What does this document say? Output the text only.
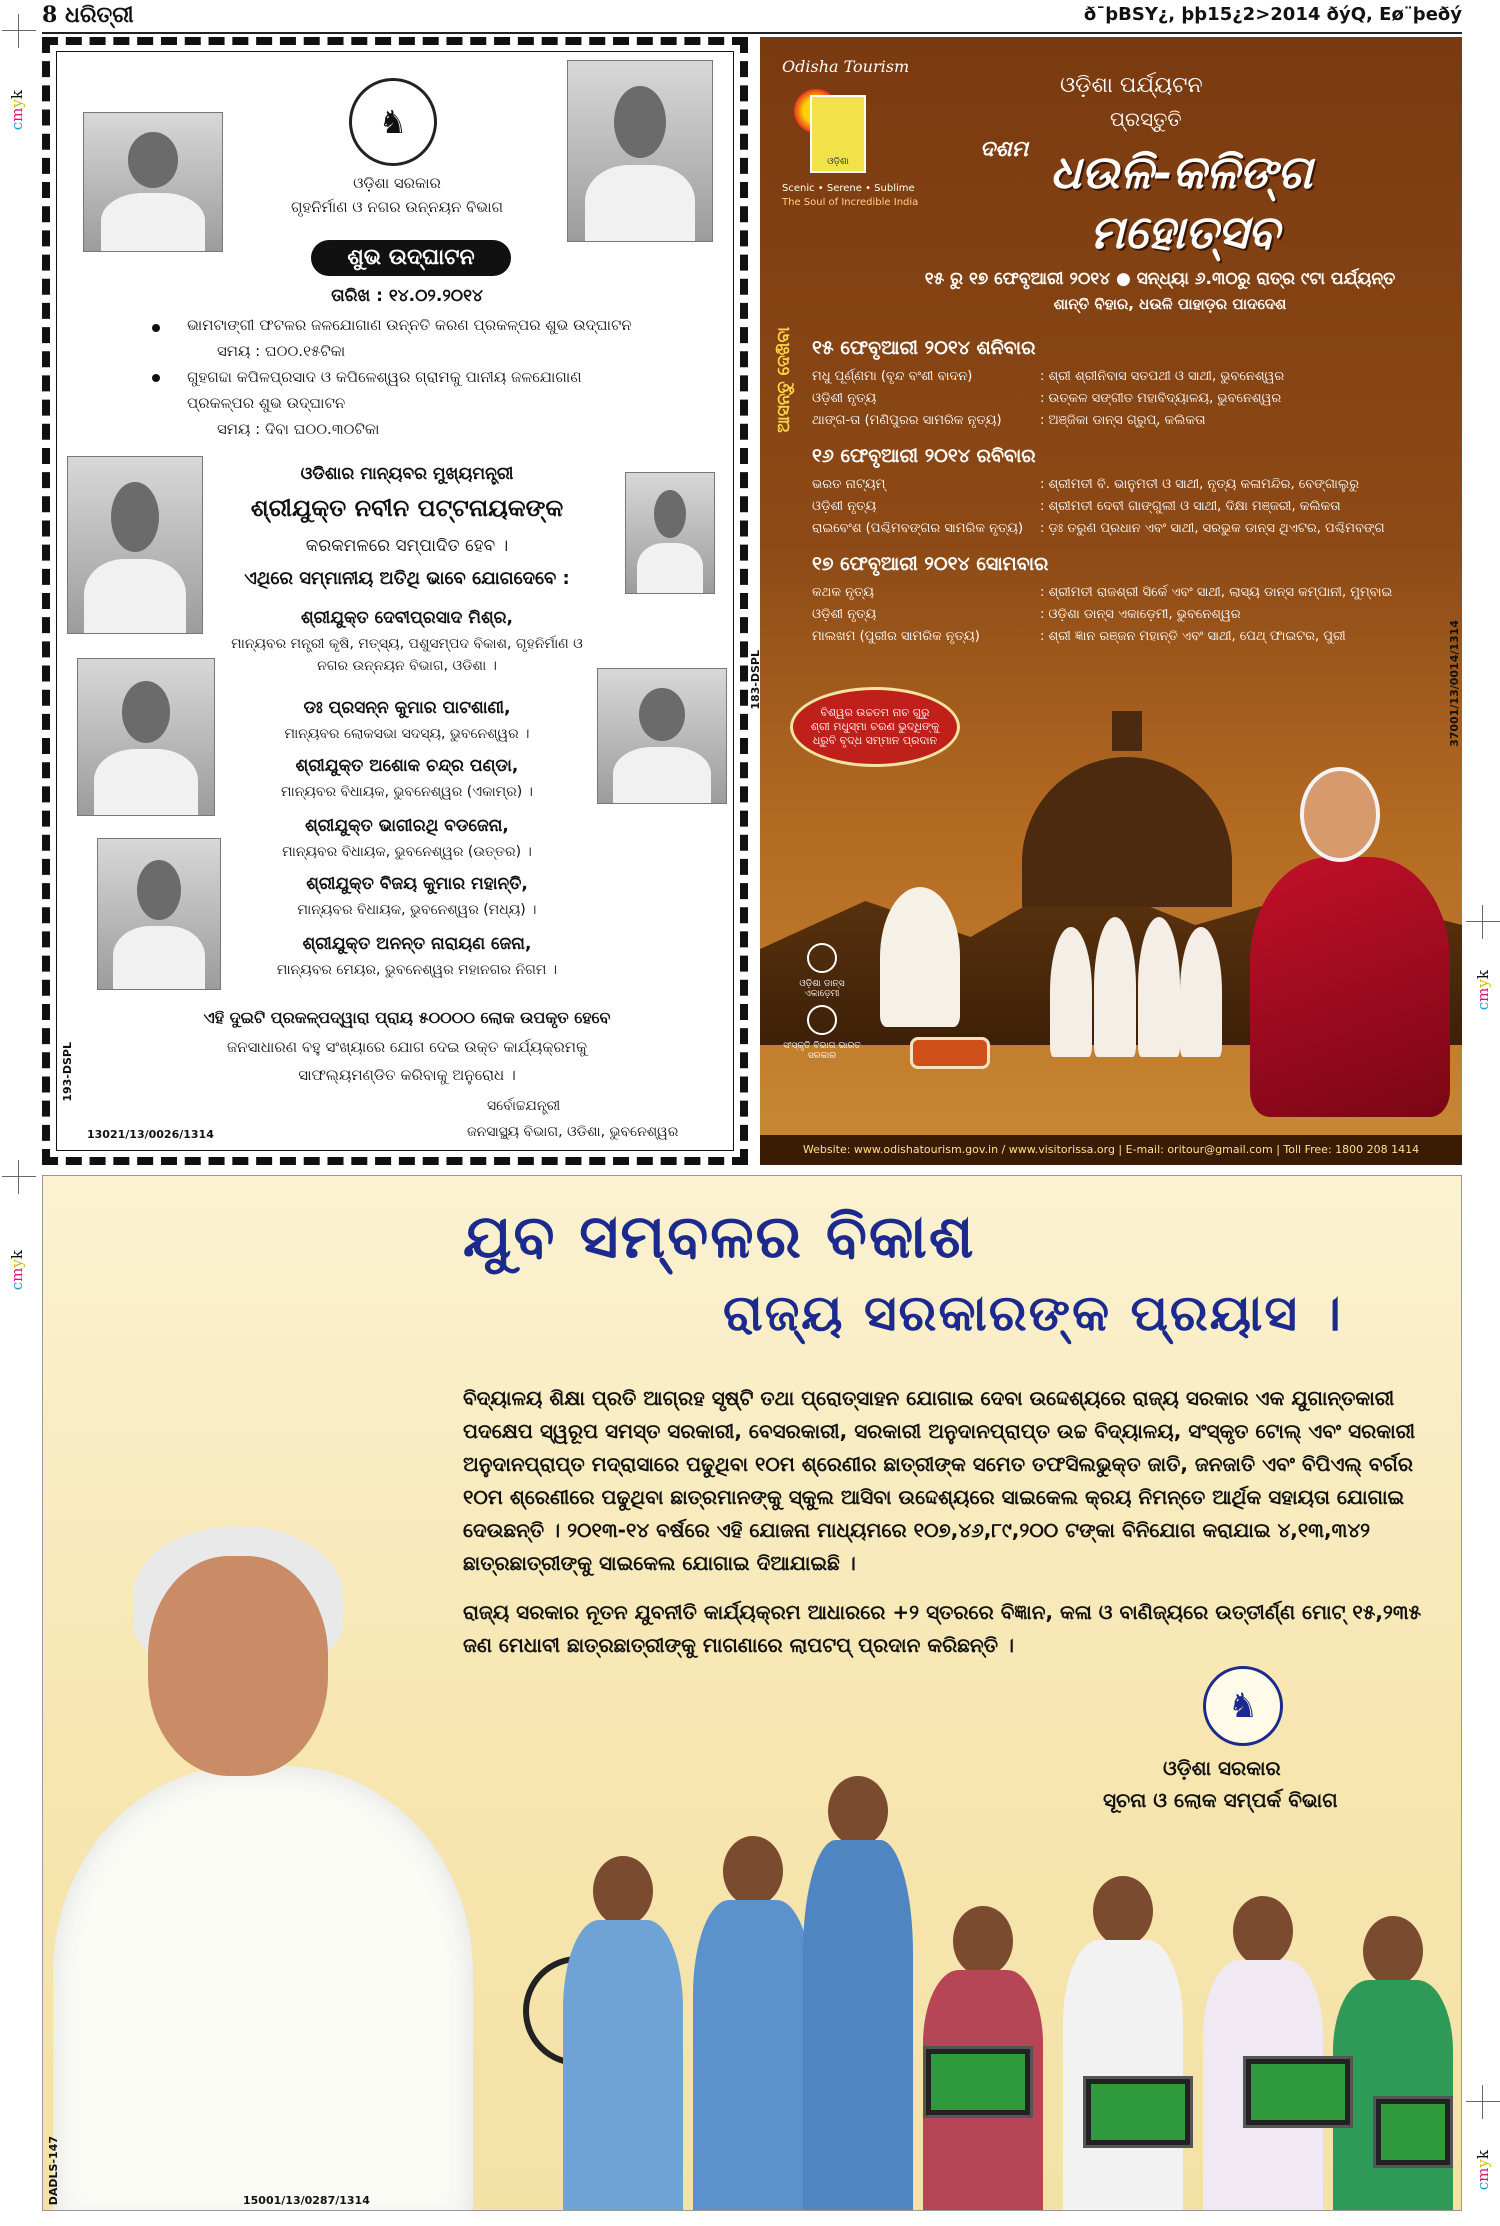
8 ଧରିତ୍ରୀ	ð¯þBSY¿, þþ15¿2>2014 ðýQ, Eø¨þeðý
cmyk
cmyk
cmyk
cmyk
♞
ଓଡ଼ିଶା ସରକାର
ଗୃହନିର୍ମାଣ ଓ ନଗର ଉନ୍ନୟନ ବିଭାଗ
ଶୁଭ ଉଦ୍‌ଘାଟନ
ତାରିଖ : ୧୪.୦୨.୨୦୧୪
ଭାମଟାଙ୍ଗୀ ଫଟଳର ଜଳଯୋଗାଣ ଉନ୍ନତି କରଣ ପ୍ରକଳ୍ପର ଶୁଭ ଉଦ୍‌ଘାଟନ
ସମୟ : ଘ୦୦.୧୫ଟିକା
ଗୁହଗଦ୍ଦା କପିଳପ୍ରସାଦ ଓ କପିଳେଶ୍ୱର ଗ୍ରାମକୁ ପାନୀୟ ଜଳଯୋଗାଣ
ପ୍ରକଳ୍ପର ଶୁଭ ଉଦ୍‌ଘାଟନ
ସମୟ : ଦିବା ଘ୦୦.୩୦ଟିକା
ଓଡିଶାର ମାନ୍ୟବର ମୁଖ୍ୟମନ୍ତ୍ରୀ
ଶ୍ରୀଯୁକ୍ତ ନବୀନ ପଟ୍ଟନାୟକଙ୍କ
କରକମଳରେ ସମ୍ପାଦିତ ହେବ ।
ଏଥିରେ ସମ୍ମାନୀୟ ଅତିଥି ଭାବେ ଯୋଗଦେବେ :
ଶ୍ରୀଯୁକ୍ତ ଦେବୀପ୍ରସାଦ ମିଶ୍ର,
ମାନ୍ୟବର ମନ୍ତ୍ରୀ କୃଷି, ମତ୍ସ୍ୟ, ପଶୁସମ୍ପଦ ବିକାଶ, ଗୃହନିର୍ମାଣ ଓ
ନଗର ଉନ୍ନୟନ ବିଭାଗ, ଓଡିଶା ।
ଡଃ ପ୍ରସନ୍ନ କୁମାର ପାଟଶାଣୀ,
ମାନ୍ୟବର ଲୋକସଭା ସଦସ୍ୟ, ଭୁବନେଶ୍ୱର ।
ଶ୍ରୀଯୁକ୍ତ ଅଶୋକ ଚନ୍ଦ୍ର ପଣ୍ଡା,
ମାନ୍ୟବର ବିଧାୟକ, ଭୁବନେଶ୍ୱର (ଏକାମ୍ର) ।
ଶ୍ରୀଯୁକ୍ତ ଭାଗୀରଥି ବଡଜେନା,
ମାନ୍ୟବର ବିଧାୟକ, ଭୁବନେଶ୍ୱର (ଉତ୍ତର) ।
ଶ୍ରୀଯୁକ୍ତ ବିଜୟ କୁମାର ମହାନ୍ତି,
ମାନ୍ୟବର ବିଧାୟକ, ଭୁବନେଶ୍ୱର (ମଧ୍ୟ) ।
ଶ୍ରୀଯୁକ୍ତ ଅନନ୍ତ ନାରାୟଣ ଜେନା,
ମାନ୍ୟବର ମେୟର, ଭୁବନେଶ୍ୱର ମହାନଗର ନିଗମ ।
ଏହି ଦୁଇଟି ପ୍ରକଳ୍ପଦ୍ୱାରା ପ୍ରାୟ ୫୦୦୦୦ ଲୋକ ଉପକୃତ ହେବେ
ଜନସାଧାରଣ ବହୁ ସଂଖ୍ୟାରେ ଯୋଗ ଦେଇ ଉକ୍ତ କାର୍ଯ୍ୟକ୍ରମକୁ
ସାଫଲ୍ୟମଣ୍ଡିତ କରିବାକୁ ଅନୁରୋଧ ।
ସର୍ବୋଚ୍ଚଯନ୍ତ୍ରୀ
ଜନସାସ୍ଥ୍ୟ ବିଭାଗ, ଓଡିଶା, ଭୁବନେଶ୍ୱର
13021/13/0026/1314
193-DSPL
Odisha Tourism
ଓଡ଼ିଶା
Scenic • Serene • Sublime
The Soul of Incredible India
ଓଡ଼ିଶା ପର୍ଯ୍ୟଟନ
ପ୍ରସ୍ତୁତି
ଦଶମ ଧଉଳି-କଳିଙ୍ଗ
ମହୋତ୍ସବ
୧୫ ରୁ ୧୭ ଫେବୃଆରୀ ୨୦୧୪ ● ସନ୍ଧ୍ୟା ୬.୩୦ରୁ ରାତ୍ର ୯ଟା ପର୍ଯ୍ୟନ୍ତ
ଶାନ୍ତି ବିହାର, ଧଉଳି ପାହାଡ଼ର ପାଦଦେଶ
ଆସନ୍ତୁ ଦେଖିବା ୧୫ ଫେବୃଆରୀ ୨୦୧୪ ଶନିବାର
ମଧୁ ପୂର୍ଣ୍ଣମା (ବୃନ୍ଦ ବଂଶୀ ବାଦନ)	: ଶ୍ରୀ ଶ୍ରୀନିବାସ ସତପଥୀ ଓ ସାଥୀ, ଭୁବନେଶ୍ୱର
ଓଡ଼ିଶୀ ନୃତ୍ୟ	: ଉତ୍କଳ ସଙ୍ଗୀତ ମହାବିଦ୍ୟାଳୟ, ଭୁବନେଶ୍ୱର
ଥାଙ୍ଗ-ତା (ମଣିପୁରର ସାମରିକ ନୃତ୍ୟ)	: ଅଞ୍ଜିକା ଡାନ୍ସ ଗ୍ରୁପ୍, କଲିକତା
୧୬ ଫେବୃଆରୀ ୨୦୧୪ ରବିବାର
ଭରତ ନାଟ୍ୟମ୍	: ଶ୍ରୀମତୀ ବି. ଭାନୁମତୀ ଓ ସାଥୀ, ନୃତ୍ୟ କଳାମନ୍ଦିର, ବେଙ୍ଗାଲୁରୁ
ଓଡ଼ିଶୀ ନୃତ୍ୟ	: ଶ୍ରୀମତୀ ଦେବୀ ଗାଙ୍ଗୁଲୀ ଓ ସାଥୀ, ଦିକ୍ଷା ମଞ୍ଜରୀ, କଲିକତା
ରାଇବେଂଶ (ପଶ୍ଚିମବଙ୍ଗର ସାମରିକ ନୃତ୍ୟ) : ଡ଼ଃ ତରୁଣ ପ୍ରଧାନ ଏବଂ ସାଥୀ, ସରଭୁକ ଡାନ୍ସ ଥିଏଟର, ପଶ୍ଚିମବଙ୍ଗ
୧୭ ଫେବୃଆରୀ ୨୦୧୪ ସୋମବାର
କଥକ ନୃତ୍ୟ	: ଶ୍ରୀମତୀ ରାଜଶ୍ରୀ ସିର୍କେ ଏବଂ ସାଥୀ, ଲାସ୍ୟ ଡାନ୍ସ କମ୍ପାନୀ, ମୁମ୍ବାଇ
ଓଡ଼ିଶୀ ନୃତ୍ୟ	: ଓଡ଼ିଶା ଡାନ୍ସ ଏକାଡ଼େମୀ, ଭୁବନେଶ୍ୱର
ମାଲଖମ (ପୁରୀର ସାମରିକ ନୃତ୍ୟ)	: ଶ୍ରୀ ଜ୍ଞାନ ରଞ୍ଜନ ମହାନ୍ତି ଏବଂ ସାଥୀ, ପେଥ୍ ଫାଇଟର, ପୁରୀ
ବିଶ୍ୱର ଉଚ୍ଚତମ ନାଚ ଗୁରୁ
ଶ୍ରୀ ମଧୁସ୍ମା ଚରଣ ଭୁଦ୍ଧିଙ୍କୁ
ଧ୍ରୁବି ବୃଦ୍ଧ ସମ୍ମାନ ପ୍ରଦାନ
ଓଡ଼ିଶା ଡାନ୍ସ ଏକାଡ଼େମୀ
ସଂସ୍କୃତି ବିଭାଗ ଭାରତ ସରକାର
Website: www.odishatourism.gov.in / www.visitorissa.org | E-mail: oritour@gmail.com | Toll Free: 1800 208 1414
183-DSPL	37001/13/0014/1314
ଯୁବ ସମ୍ବଳର ବିକାଶ
ରାଜ୍ୟ ସରକାରଙ୍କ ପ୍ରୟାସ ।
ବିଦ୍ୟାଳୟ ଶିକ୍ଷା ପ୍ରତି ଆଗ୍ରହ ସୃଷ୍ଟି ତଥା ପ୍ରୋତ୍ସାହନ ଯୋଗାଇ ଦେବା ଉଦ୍ଦେଶ୍ୟରେ ରାଜ୍ୟ ସରକାର ଏକ ଯୁଗାନ୍ତକାରୀ ପଦକ୍ଷେପ ସ୍ୱରୂପ ସମସ୍ତ ସରକାରୀ, ବେସରକାରୀ, ସରକାରୀ ଅନୁଦାନପ୍ରାପ୍ତ ଉଚ୍ଚ ବିଦ୍ୟାଳୟ, ସଂସ୍କୃତ ଟୋଲ୍ ଏବଂ ସରକାରୀ ଅନୁଦାନପ୍ରାପ୍ତ ମଦ୍ରାସାରେ ପଢୁଥିବା ୧୦ମ ଶ୍ରେଣୀର ଛାତ୍ରୀଙ୍କ ସମେତ ତଫସିଲଭୁକ୍ତ ଜାତି, ଜନଜାତି ଏବଂ ବିପିଏଲ୍ ବର୍ଗର ୧୦ମ ଶ୍ରେଣୀରେ ପଢୁଥିବା ଛାତ୍ରମାନଙ୍କୁ ସ୍କୁଲ ଆସିବା ଉଦ୍ଦେଶ୍ୟରେ ସାଇକେଲ କ୍ରୟ ନିମନ୍ତେ ଆର୍ଥିକ ସହାୟତା ଯୋଗାଇ ଦେଉଛନ୍ତି । ୨୦୧୩-୧୪ ବର୍ଷରେ ଏହି ଯୋଜନା ମାଧ୍ୟମରେ ୧୦୭,୪୬,୮୯,୨୦୦ ଟଙ୍କା ବିନିଯୋଗ କରାଯାଇ ୪,୧୩,୩୪୨ ଛାତ୍ରଛାତ୍ରୀଙ୍କୁ ସାଇକେଲ ଯୋଗାଇ ଦିଆଯାଇଛି ।
ରାଜ୍ୟ ସରକାର ନୂତନ ଯୁବନୀତି କାର୍ଯ୍ୟକ୍ରମ ଆଧାରରେ +୨ ସ୍ତରରେ ବିଜ୍ଞାନ, କଳା ଓ ବାଣିଜ୍ୟରେ ଉତ୍ତୀର୍ଣ୍ଣ ମୋଟ୍ ୧୫,୨୩୫ ଜଣ ମେଧାବୀ ଛାତ୍ରଛାତ୍ରୀଙ୍କୁ ମାଗଣାରେ ଲାପଟପ୍ ପ୍ରଦାନ କରିଛନ୍ତି ।
♞
ଓଡ଼ିଶା ସରକାର
ସୂଚନା ଓ ଲୋକ ସମ୍ପର୍କ ବିଭାଗ
DADLS-147	15001/13/0287/1314
